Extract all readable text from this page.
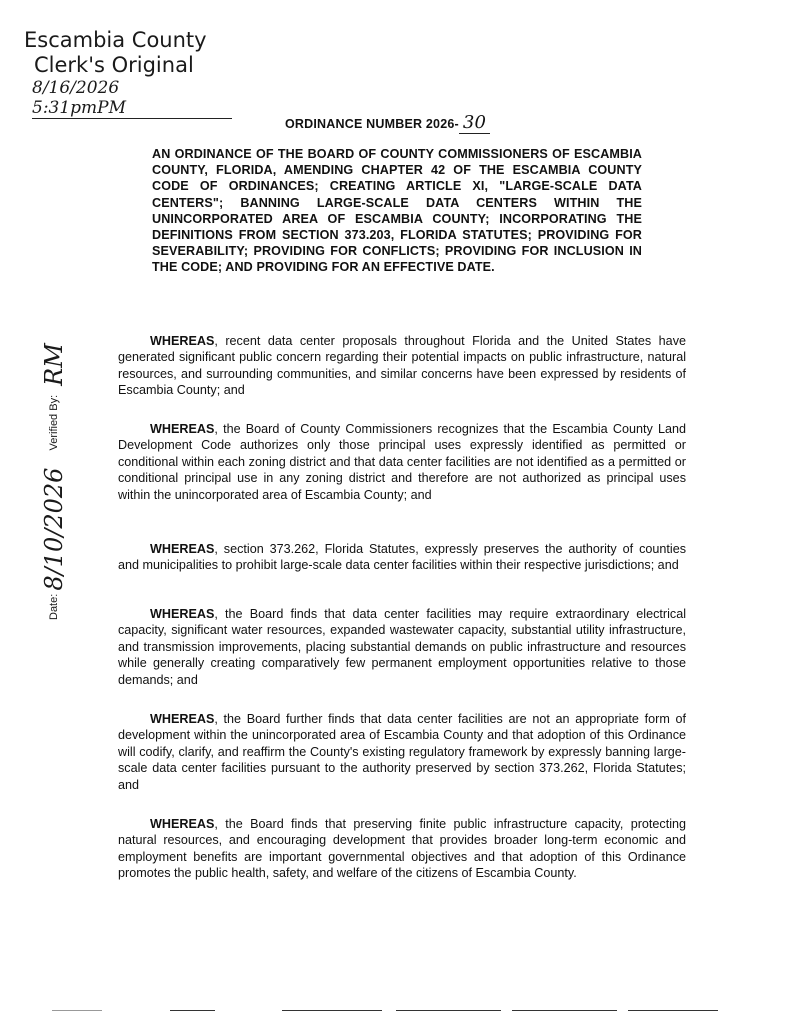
Escambia County
Clerk's Original
8/16/2026 5:31pmPM
ORDINANCE NUMBER 2026- 30
AN ORDINANCE OF THE BOARD OF COUNTY COMMISSIONERS OF ESCAMBIA COUNTY, FLORIDA, AMENDING CHAPTER 42 OF THE ESCAMBIA COUNTY CODE OF ORDINANCES; CREATING ARTICLE XI, "LARGE-SCALE DATA CENTERS"; BANNING LARGE-SCALE DATA CENTERS WITHIN THE UNINCORPORATED AREA OF ESCAMBIA COUNTY; INCORPORATING THE DEFINITIONS FROM SECTION 373.203, FLORIDA STATUTES; PROVIDING FOR SEVERABILITY; PROVIDING FOR CONFLICTS; PROVIDING FOR INCLUSION IN THE CODE; AND PROVIDING FOR AN EFFECTIVE DATE.
WHEREAS, recent data center proposals throughout Florida and the United States have generated significant public concern regarding their potential impacts on public infrastructure, natural resources, and surrounding communities, and similar concerns have been expressed by residents of Escambia County; and
WHEREAS, the Board of County Commissioners recognizes that the Escambia County Land Development Code authorizes only those principal uses expressly identified as permitted or conditional within each zoning district and that data center facilities are not identified as a permitted or conditional principal use in any zoning district and therefore are not authorized as principal uses within the unincorporated area of Escambia County; and
WHEREAS, section 373.262, Florida Statutes, expressly preserves the authority of counties and municipalities to prohibit large-scale data center facilities within their respective jurisdictions; and
WHEREAS, the Board finds that data center facilities may require extraordinary electrical capacity, significant water resources, expanded wastewater capacity, substantial utility infrastructure, and transmission improvements, placing substantial demands on public infrastructure and resources while generally creating comparatively few permanent employment opportunities relative to those demands; and
WHEREAS, the Board further finds that data center facilities are not an appropriate form of development within the unincorporated area of Escambia County and that adoption of this Ordinance will codify, clarify, and reaffirm the County's existing regulatory framework by expressly banning large-scale data center facilities pursuant to the authority preserved by section 373.262, Florida Statutes; and
WHEREAS, the Board finds that preserving finite public infrastructure capacity, protecting natural resources, and encouraging development that provides broader long-term economic and employment benefits are important governmental objectives and that adoption of this Ordinance promotes the public health, safety, and welfare of the citizens of Escambia County.
Date: 8/10/2026 Verified By: RM
